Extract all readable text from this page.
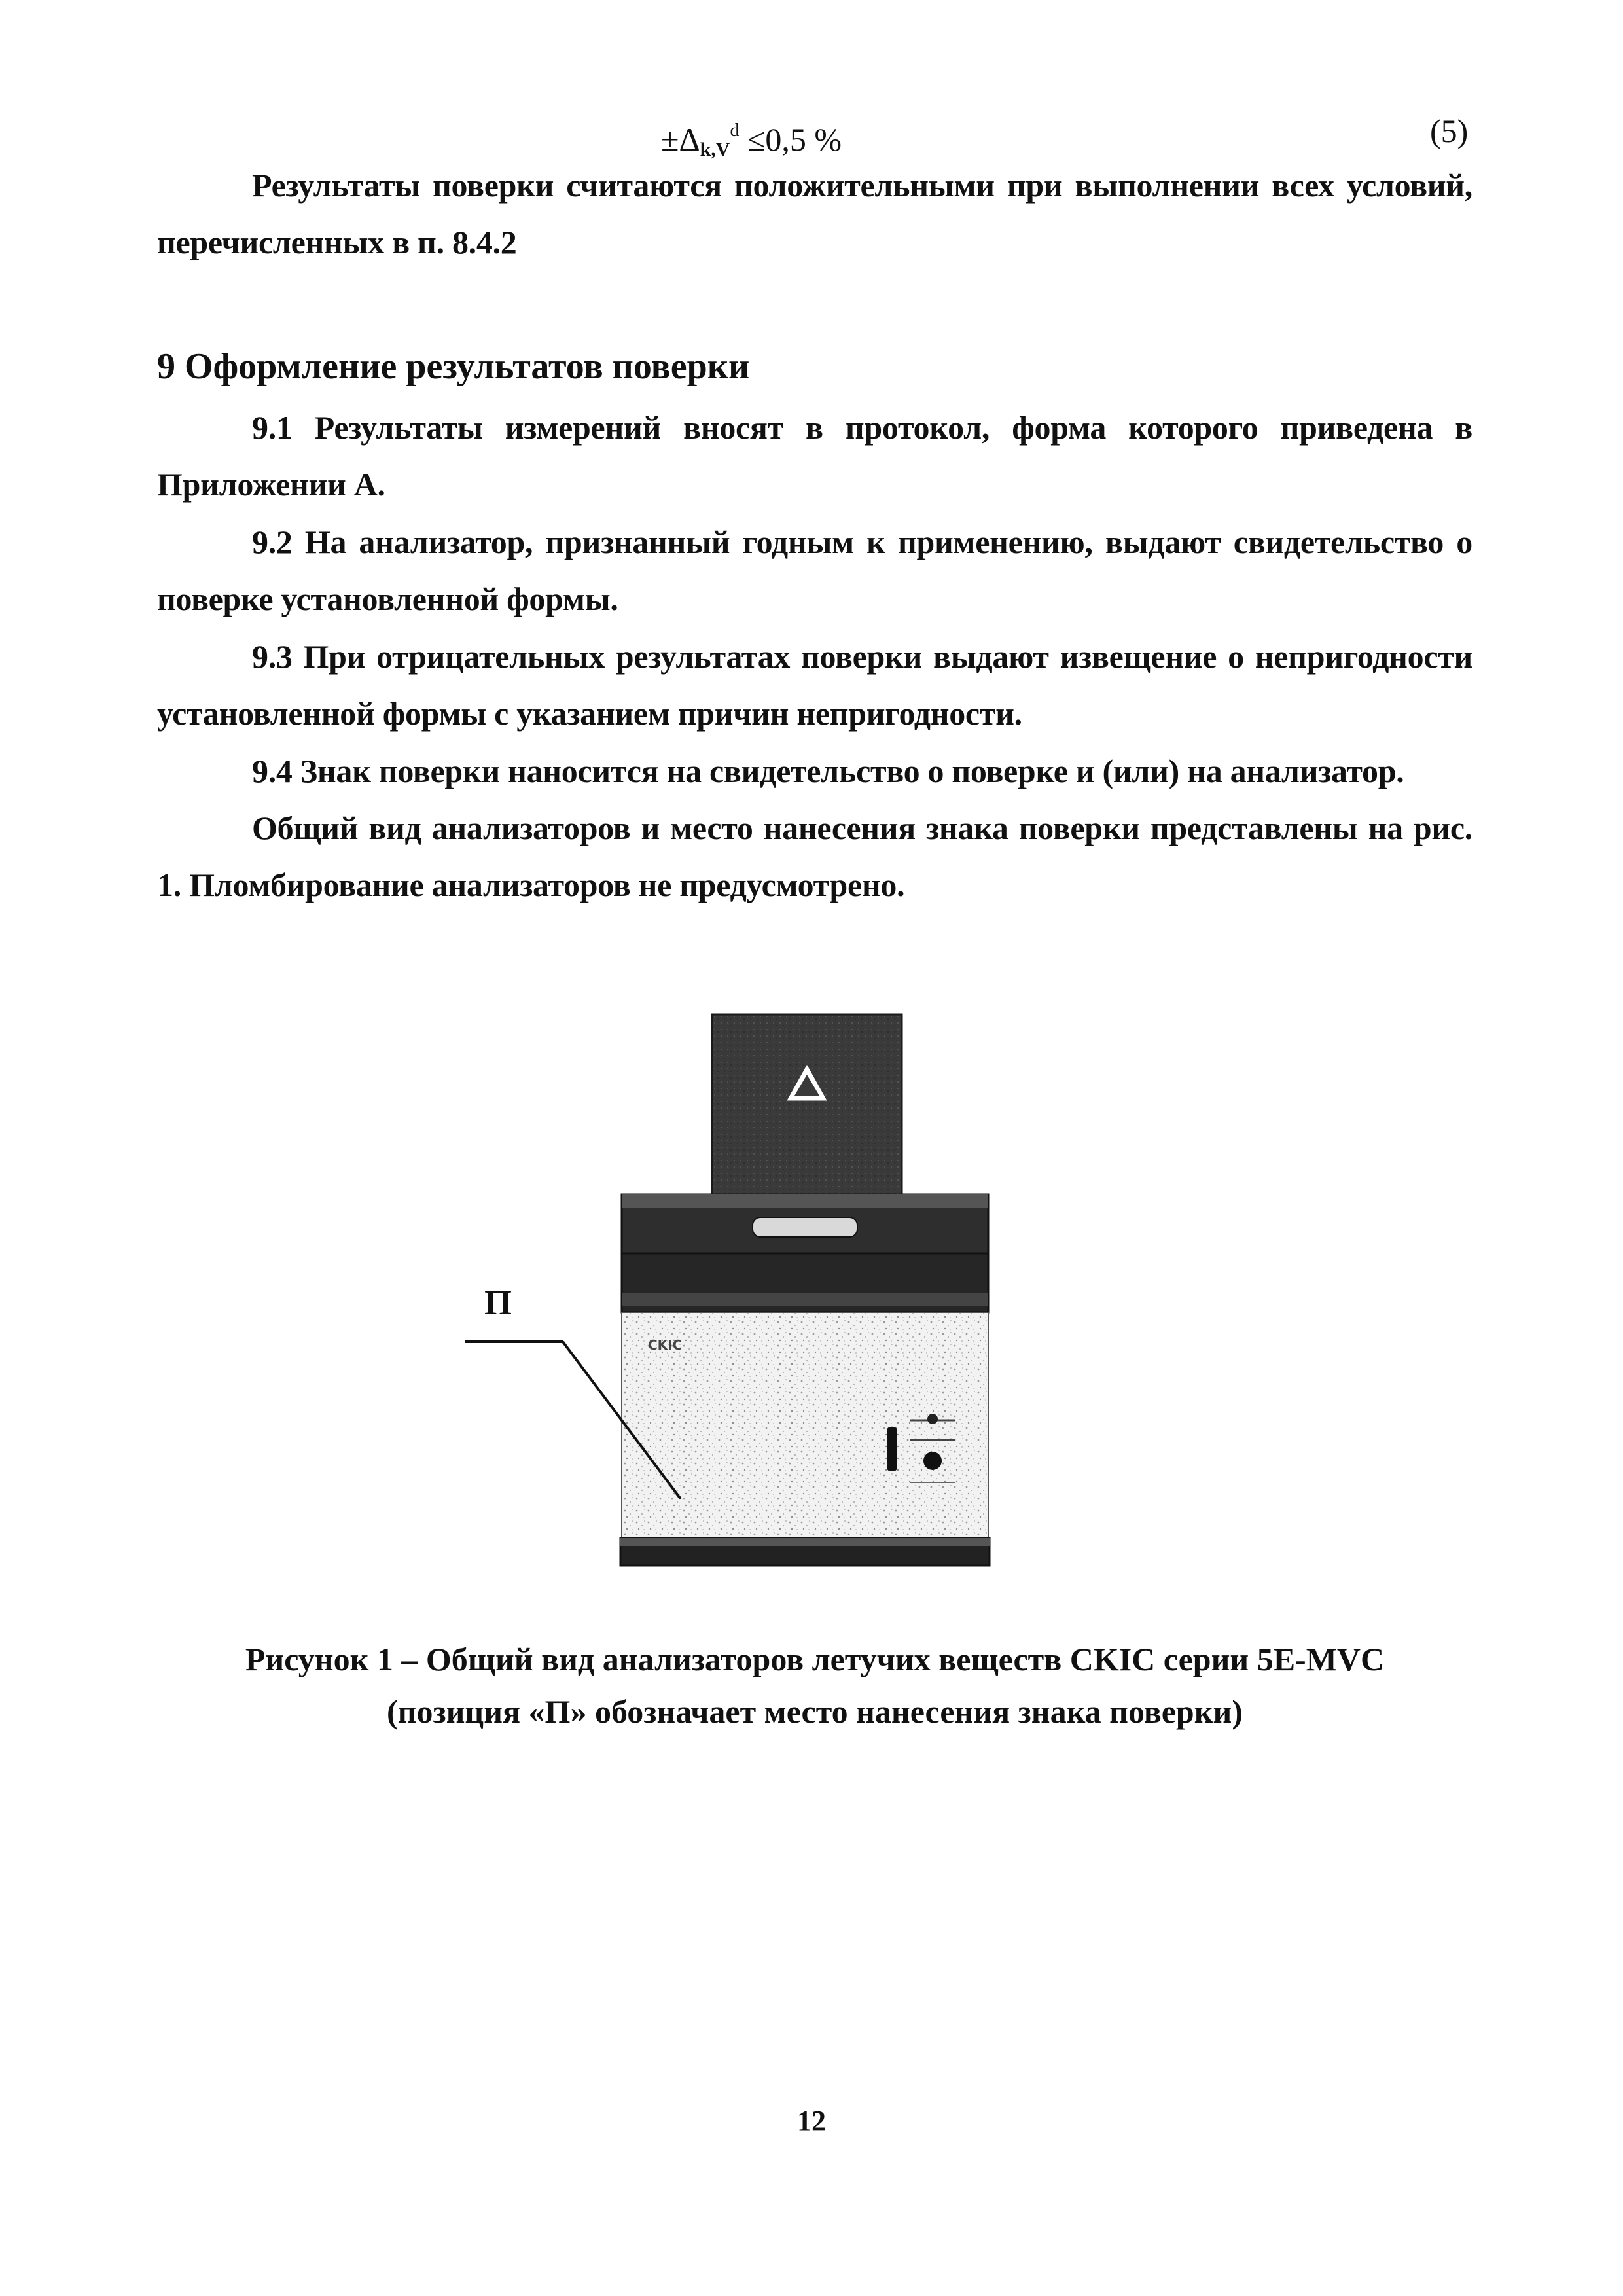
$\pm\Delta_{k,V}^d \le 0,5$ %	(5)

Результаты поверки считаются положительными при выполнении всех условий, перечисленных в п. 8.4.2

9 Оформление результатов поверки

9.1 Результаты измерений вносят в протокол, форма которого приведена в Приложении А.

9.2 На анализатор, признанный годным к применению, выдают свидетельство о поверке установленной формы.

9.3 При отрицательных результатах поверки выдают извещение о непригодности установленной формы с указанием причин непригодности.

9.4 Знак поверки наносится на свидетельство о поверке и (или) на анализатор.

Общий вид анализаторов и место нанесения знака поверки представлены на рис. 1. Пломбирование анализаторов не предусмотрено.

CKIC
П
Рисунок 1 – Общий вид анализаторов летучих веществ CKIC серии 5E-MVC
(позиция «П» обозначает место нанесения знака поверки)
12
